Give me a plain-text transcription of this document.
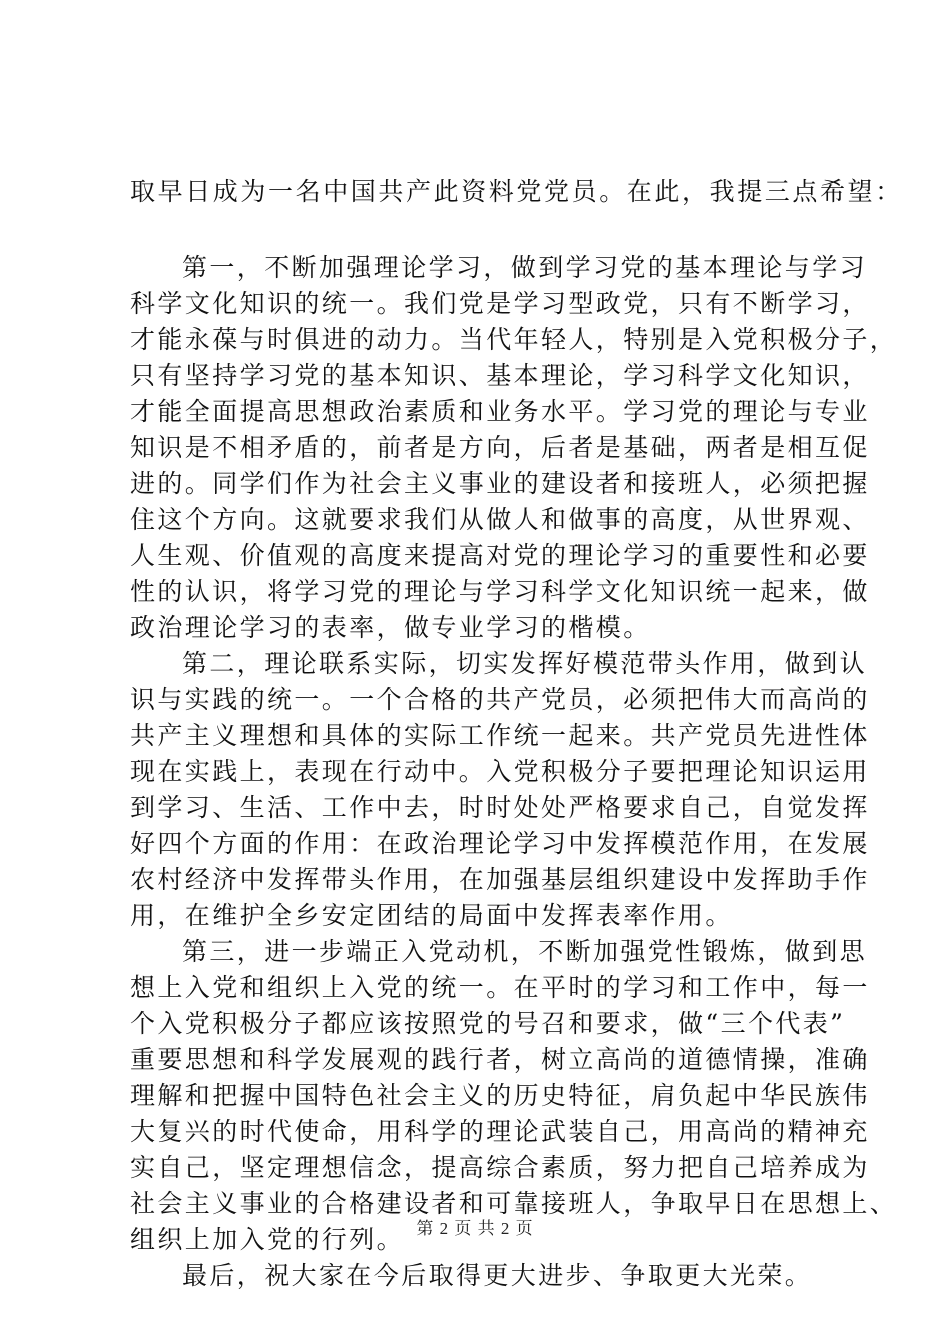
取早日成为一名中国共产此资料党党员。在此，我提三点希望：
第一，不断加强理论学习，做到学习党的基本理论与学习
科学文化知识的统一。我们党是学习型政党，只有不断学习，
才能永葆与时俱进的动力。当代年轻人，特别是入党积极分子，
只有坚持学习党的基本知识、基本理论，学习科学文化知识，
才能全面提高思想政治素质和业务水平。学习党的理论与专业
知识是不相矛盾的，前者是方向，后者是基础，两者是相互促
进的。同学们作为社会主义事业的建设者和接班人，必须把握
住这个方向。这就要求我们从做人和做事的高度，从世界观、
人生观、价值观的高度来提高对党的理论学习的重要性和必要
性的认识，将学习党的理论与学习科学文化知识统一起来，做
政治理论学习的表率，做专业学习的楷模。
第二，理论联系实际，切实发挥好模范带头作用，做到认
识与实践的统一。一个合格的共产党员，必须把伟大而高尚的
共产主义理想和具体的实际工作统一起来。共产党员先进性体
现在实践上，表现在行动中。入党积极分子要把理论知识运用
到学习、生活、工作中去，时时处处严格要求自己，自觉发挥
好四个方面的作用：在政治理论学习中发挥模范作用，在发展
农村经济中发挥带头作用，在加强基层组织建设中发挥助手作
用，在维护全乡安定团结的局面中发挥表率作用。
第三，进一步端正入党动机，不断加强党性锻炼，做到思
想上入党和组织上入党的统一。在平时的学习和工作中，每一
个入党积极分子都应该按照党的号召和要求，做“三个代表”
重要思想和科学发展观的践行者，树立高尚的道德情操，准确
理解和把握中国特色社会主义的历史特征，肩负起中华民族伟
大复兴的时代使命，用科学的理论武装自己，用高尚的精神充
实自己，坚定理想信念，提高综合素质，努力把自己培养成为
社会主义事业的合格建设者和可靠接班人，争取早日在思想上、
组织上加入党的行列。
最后，祝大家在今后取得更大进步、争取更大光荣。
第 2 页 共 2 页
